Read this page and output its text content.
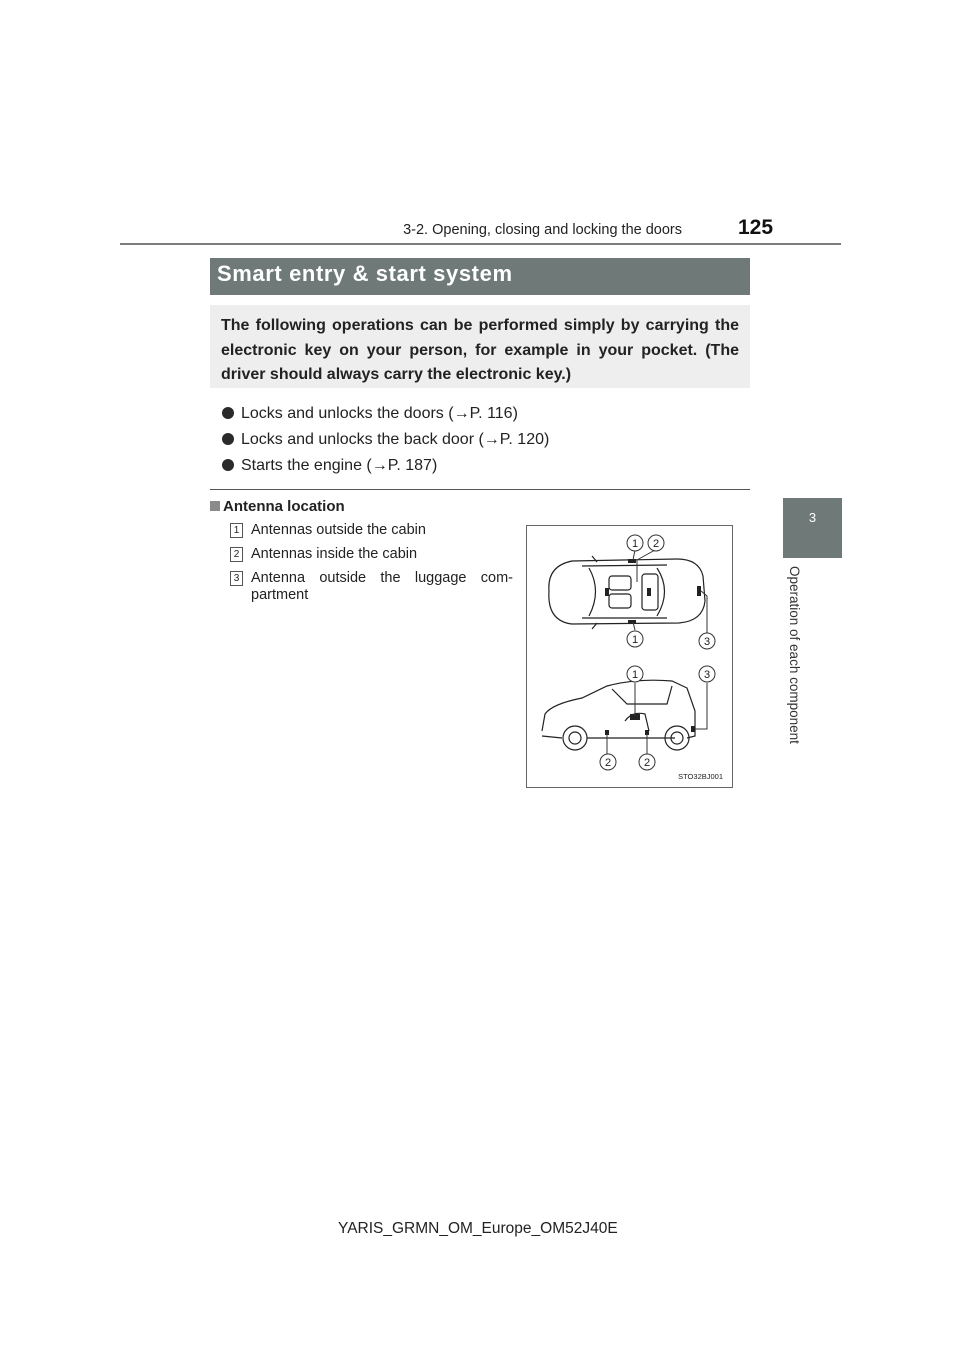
3-2. Opening, closing and locking the doors	125
3
Operation of each component
Smart entry & start system
The following operations can be performed simply by carrying the electronic key on your person, for example in your pocket. (The driver should always carry the electronic key.)
Locks and unlocks the doors (→P. 116)
Locks and unlocks the back door (→P. 120)
Starts the engine (→P. 187)
Antenna location
1 Antennas outside the cabin
2 Antennas inside the cabin
3 Antenna outside the luggage com-partment
1 2
1	3
1	3
2	2
STO32BJ001
YARIS_GRMN_OM_Europe_OM52J40E
